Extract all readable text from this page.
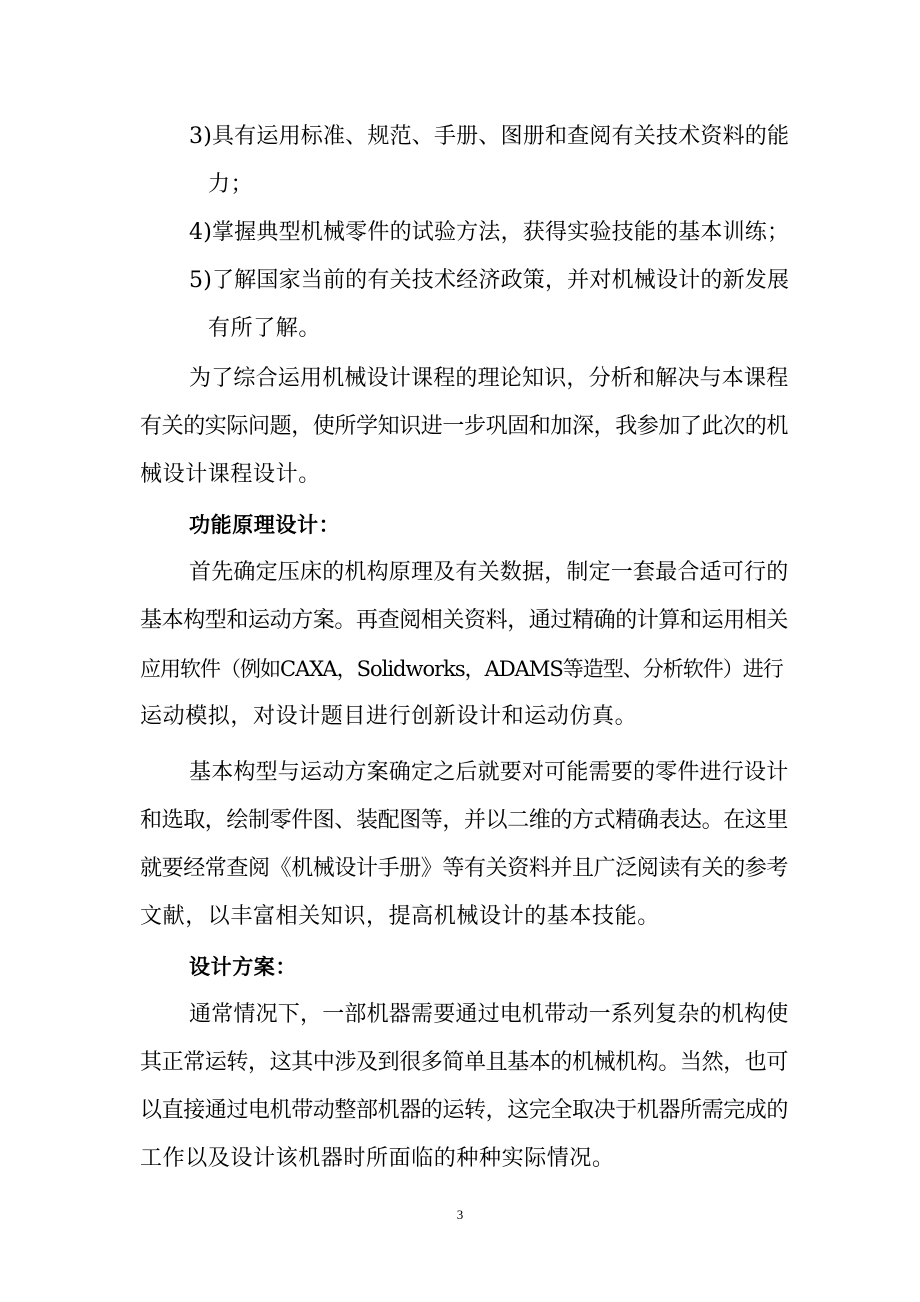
3)具有运用标准、规范、手册、图册和查阅有关技术资料的能
力；
4)掌握典型机械零件的试验方法，获得实验技能的基本训练；
5)了解国家当前的有关技术经济政策，并对机械设计的新发展
有所了解。
为了综合运用机械设计课程的理论知识，分析和解决与本课程
有关的实际问题，使所学知识进一步巩固和加深，我参加了此次的机
械设计课程设计。
功能原理设计：
首先确定压床的机构原理及有关数据，制定一套最合适可行的
基本构型和运动方案。再查阅相关资料，通过精确的计算和运用相关
应用软件（例如CAXA，Solidworks，ADAMS等造型、分析软件）进行
运动模拟，对设计题目进行创新设计和运动仿真。
基本构型与运动方案确定之后就要对可能需要的零件进行设计
和选取，绘制零件图、装配图等，并以二维的方式精确表达。在这里
就要经常查阅《机械设计手册》等有关资料并且广泛阅读有关的参考
文献，以丰富相关知识，提高机械设计的基本技能。
设计方案：
通常情况下，一部机器需要通过电机带动一系列复杂的机构使
其正常运转，这其中涉及到很多简单且基本的机械机构。当然，也可
以直接通过电机带动整部机器的运转，这完全取决于机器所需完成的
工作以及设计该机器时所面临的种种实际情况。
3
